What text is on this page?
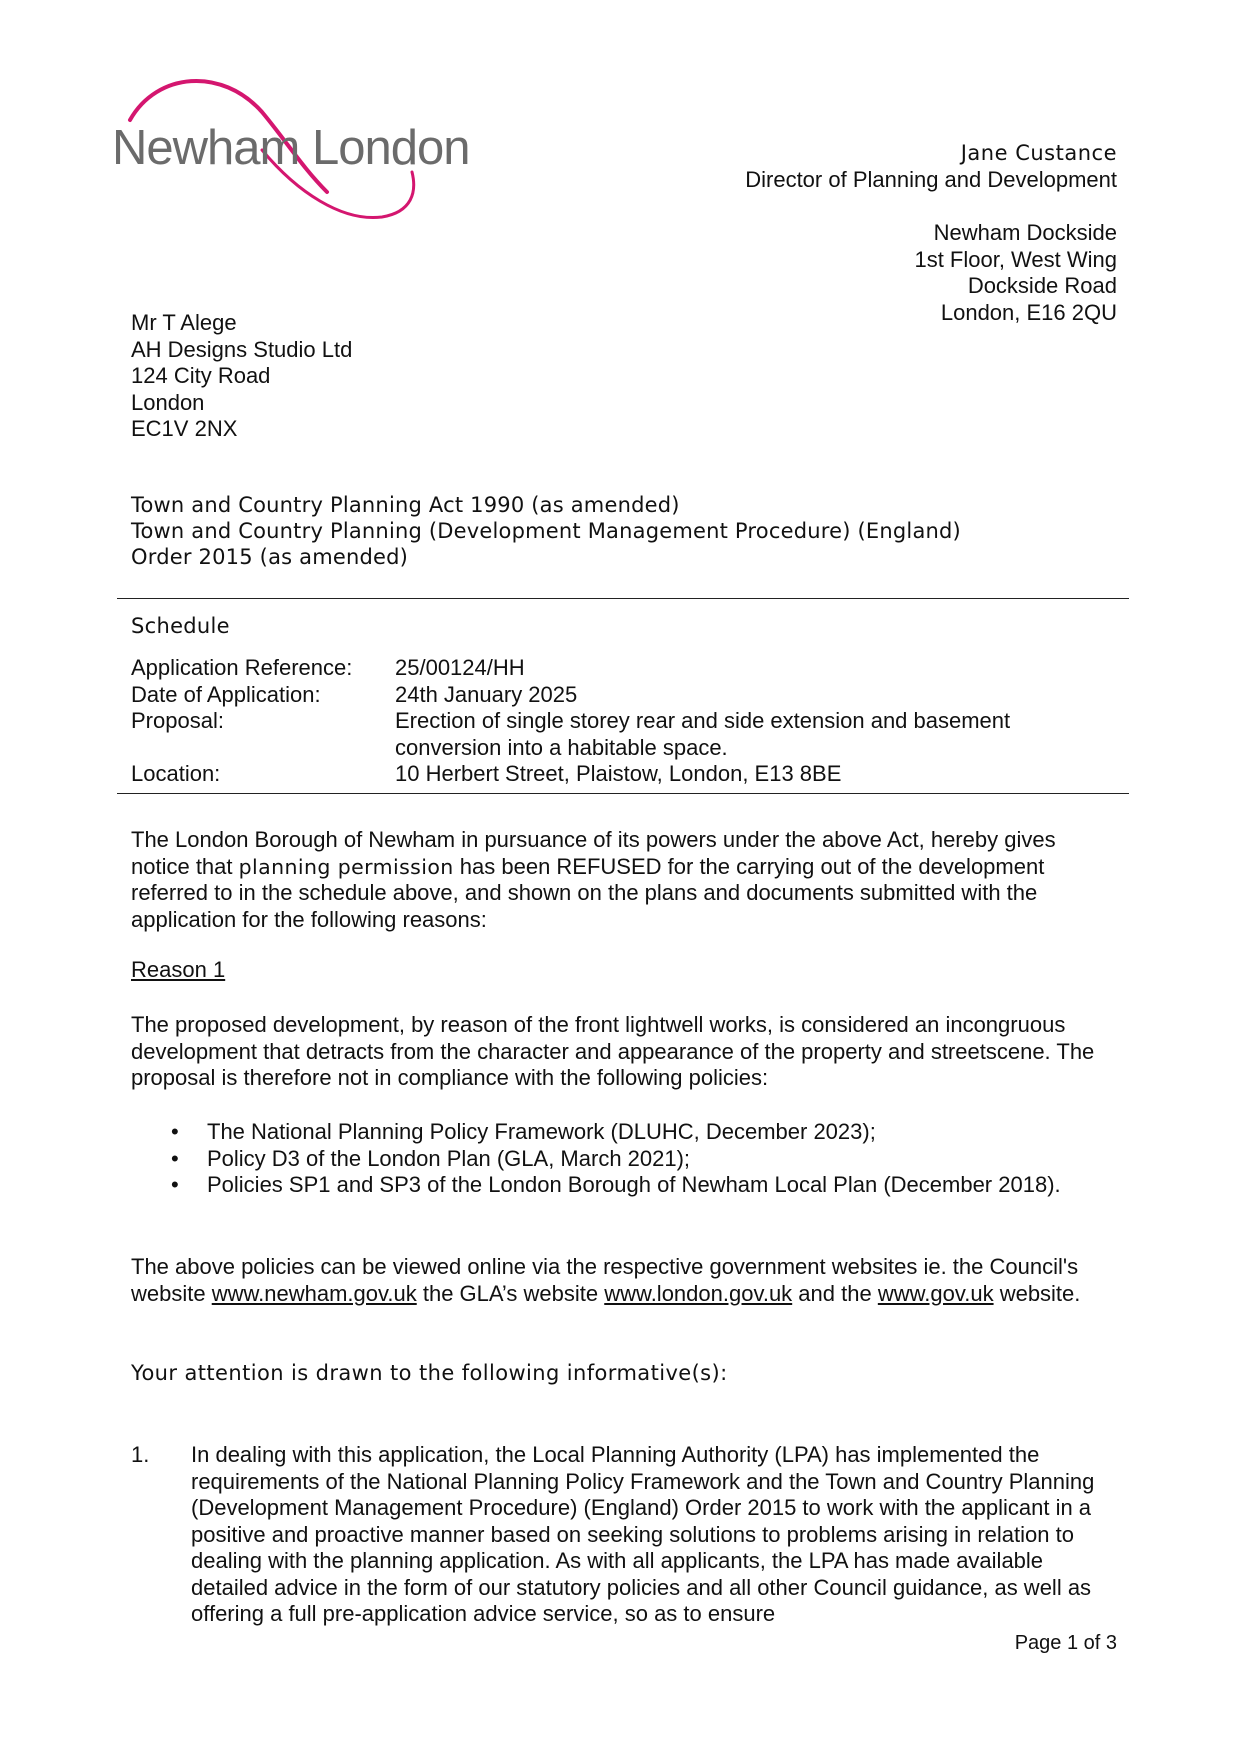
Newham London	Jane Custance
Director of Planning and Development
Newham Dockside
1st Floor, West Wing
Dockside Road
London, E16 2QU
Mr T Alege
AH Designs Studio Ltd
124 City Road
London
EC1V 2NX
Town and Country Planning Act 1990 (as amended)
Town and Country Planning (Development Management Procedure) (England)
Order 2015 (as amended)
Schedule
Application Reference:	25/00124/HH
Date of Application:	24th January 2025
Proposal:	Erection of single storey rear and side extension and basement conversion into a habitable space.
Location:	10 Herbert Street, Plaistow, London, E13 8BE
The London Borough of Newham in pursuance of its powers under the above Act, hereby gives notice that planning permission has been REFUSED for the carrying out of the development referred to in the schedule above, and shown on the plans and documents submitted with the application for the following reasons:
Reason 1
The proposed development, by reason of the front lightwell works, is considered an incongruous development that detracts from the character and appearance of the property and streetscene. The proposal is therefore not in compliance with the following policies:
• The National Planning Policy Framework (DLUHC, December 2023);
• Policy D3 of the London Plan (GLA, March 2021);
• Policies SP1 and SP3 of the London Borough of Newham Local Plan (December 2018).
The above policies can be viewed online via the respective government websites ie. the Council's website www.newham.gov.uk the GLA’s website www.london.gov.uk and the www.gov.uk website.
Your attention is drawn to the following informative(s):
1.	In dealing with this application, the Local Planning Authority (LPA) has implemented the requirements of the National Planning Policy Framework and the Town and Country Planning (Development Management Procedure) (England) Order 2015 to work with the applicant in a positive and proactive manner based on seeking solutions to problems arising in relation to dealing with the planning application. As with all applicants, the LPA has made available detailed advice in the form of our statutory policies and all other Council guidance, as well as offering a full pre-application advice service, so as to ensure
Page 1 of 3
